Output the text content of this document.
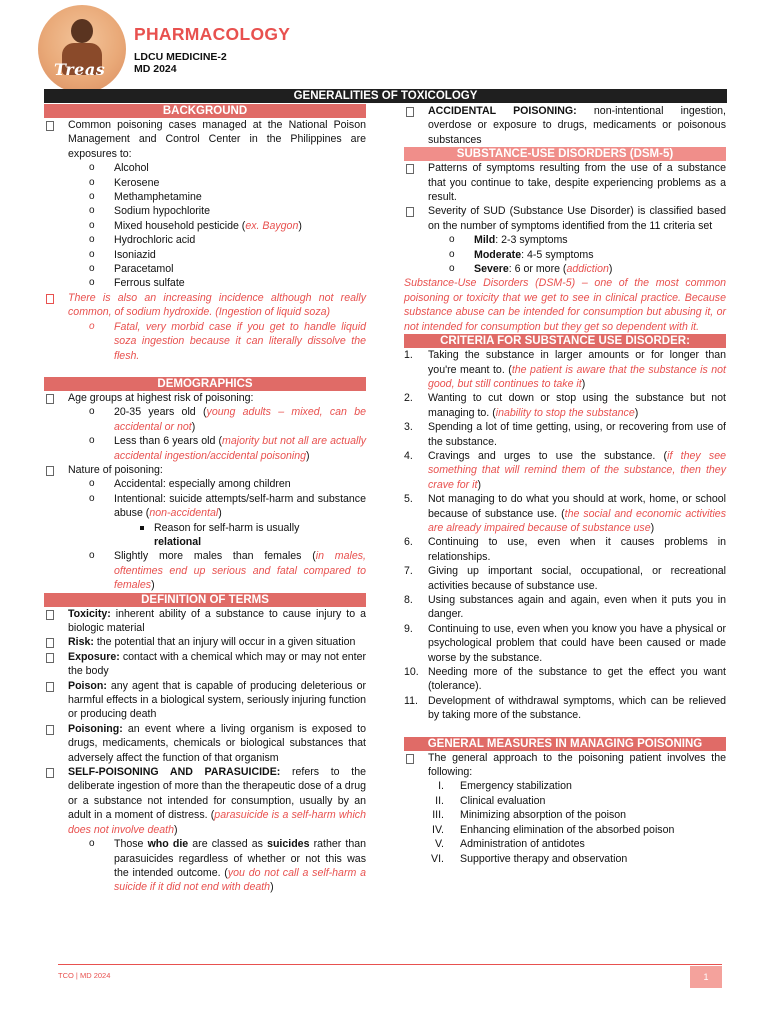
Treas
PHARMACOLOGY
LDCU MEDICINE-2
MD 2024
GENERALITIES OF TOXICOLOGY
BACKGROUND
Common poisoning cases managed at the National Poison Management and Control Center in the Philippines are exposures to:
o Alcohol
o Kerosene
o Methamphetamine
o Sodium hypochlorite
o Mixed household pesticide (ex. Baygon)
o Hydrochloric acid
o Isoniazid
o Paracetamol
o Ferrous sulfate
There is also an increasing incidence although not really common, of sodium hydroxide. (Ingestion of liquid soza)
o Fatal, very morbid case if you get to handle liquid soza ingestion because it can literally dissolve the flesh.
DEMOGRAPHICS
Age groups at highest risk of poisoning:
o 20-35 years old (young adults – mixed, can be accidental or not)
o Less than 6 years old (majority but not all are actually accidental ingestion/accidental poisoning)
Nature of poisoning:
o Accidental: especially among children
o Intentional: suicide attempts/self-harm and substance abuse (non-accidental)
Reason for self-harm is usually
relational
o Slightly more males than females (in males, oftentimes end up serious and fatal compared to females)
DEFINITION OF TERMS
Toxicity: inherent ability of a substance to cause injury to a biologic material
Risk: the potential that an injury will occur in a given situation
Exposure: contact with a chemical which may or may not enter the body
Poison: any agent that is capable of producing deleterious or harmful effects in a biological system, seriously injuring function or producing death
Poisoning: an event where a living organism is exposed to drugs, medicaments, chemicals or biological substances that adversely affect the function of that organism
SELF-POISONING AND PARASUICIDE: refers to the deliberate ingestion of more than the therapeutic dose of a drug or a substance not intended for consumption, usually by an adult in a moment of distress. (parasuicide is a self-harm which does not involve death)
o Those who die are classed as suicides rather than parasuicides regardless of whether or not this was the intended outcome. (you do not call a self-harm a suicide if it did not end with death)
ACCIDENTAL POISONING: non-intentional ingestion, overdose or exposure to drugs, medicaments or poisonous substances
SUBSTANCE-USE DISORDERS (DSM-5)
Patterns of symptoms resulting from the use of a substance that you continue to take, despite experiencing problems as a result.
Severity of SUD (Substance Use Disorder) is classified based on the number of symptoms identified from the 11 criteria set
o Mild: 2-3 symptoms
o Moderate: 4-5 symptoms
o Severe: 6 or more (addiction)
Substance-Use Disorders (DSM-5) – one of the most common poisoning or toxicity that we get to see in clinical practice. Because substance abuse can be intended for consumption but abusing it, or not intended for consumption but they get so dependent with it.
CRITERIA FOR SUBSTANCE USE DISORDER:
1. Taking the substance in larger amounts or for longer than you're meant to. (the patient is aware that the substance is not good, but still continues to take it)
2. Wanting to cut down or stop using the substance but not managing to. (inability to stop the substance)
3. Spending a lot of time getting, using, or recovering from use of the substance.
4. Cravings and urges to use the substance. (if they see something that will remind them of the substance, then they crave for it)
5. Not managing to do what you should at work, home, or school because of substance use. (the social and economic activities are already impaired because of substance use)
6. Continuing to use, even when it causes problems in relationships.
7. Giving up important social, occupational, or recreational activities because of substance use.
8. Using substances again and again, even when it puts you in danger.
9. Continuing to use, even when you know you have a physical or psychological problem that could have been caused or made worse by the substance.
10. Needing more of the substance to get the effect you want (tolerance).
11. Development of withdrawal symptoms, which can be relieved by taking more of the substance.
GENERAL MEASURES IN MANAGING POISONING
The general approach to the poisoning patient involves the following:
I. Emergency stabilization
II. Clinical evaluation
III. Minimizing absorption of the poison
IV. Enhancing elimination of the absorbed poison
V. Administration of antidotes
VI. Supportive therapy and observation
TCO | MD 2024	1
